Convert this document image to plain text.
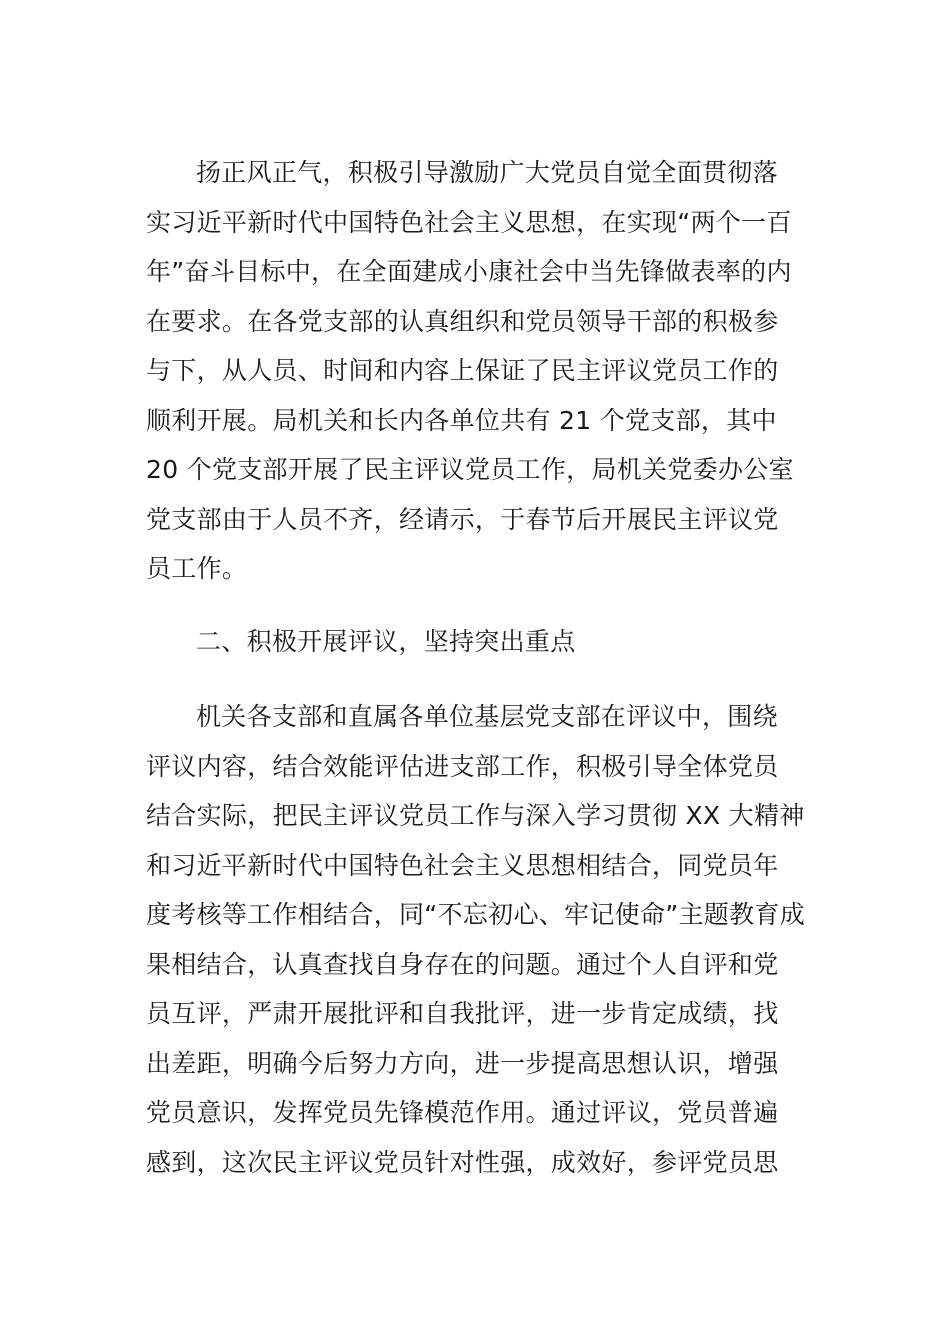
扬正风正气，积极引导激励广大党员自觉全面贯彻落
实习近平新时代中国特色社会主义思想，在实现“两个一百
年”奋斗目标中，在全面建成小康社会中当先锋做表率的内
在要求。在各党支部的认真组织和党员领导干部的积极参
与下，从人员、时间和内容上保证了民主评议党员工作的
顺利开展。局机关和长内各单位共有 21 个党支部，其中
20 个党支部开展了民主评议党员工作，局机关党委办公室
党支部由于人员不齐，经请示，于春节后开展民主评议党
员工作。
二、积极开展评议，坚持突出重点
机关各支部和直属各单位基层党支部在评议中，围绕
评议内容，结合效能评估进支部工作，积极引导全体党员
结合实际，把民主评议党员工作与深入学习贯彻 XX 大精神
和习近平新时代中国特色社会主义思想相结合，同党员年
度考核等工作相结合，同“不忘初心、牢记使命”主题教育成
果相结合，认真查找自身存在的问题。通过个人自评和党
员互评，严肃开展批评和自我批评，进一步肯定成绩，找
出差距，明确今后努力方向，进一步提高思想认识，增强
党员意识，发挥党员先锋模范作用。通过评议，党员普遍
感到，这次民主评议党员针对性强，成效好，参评党员思
